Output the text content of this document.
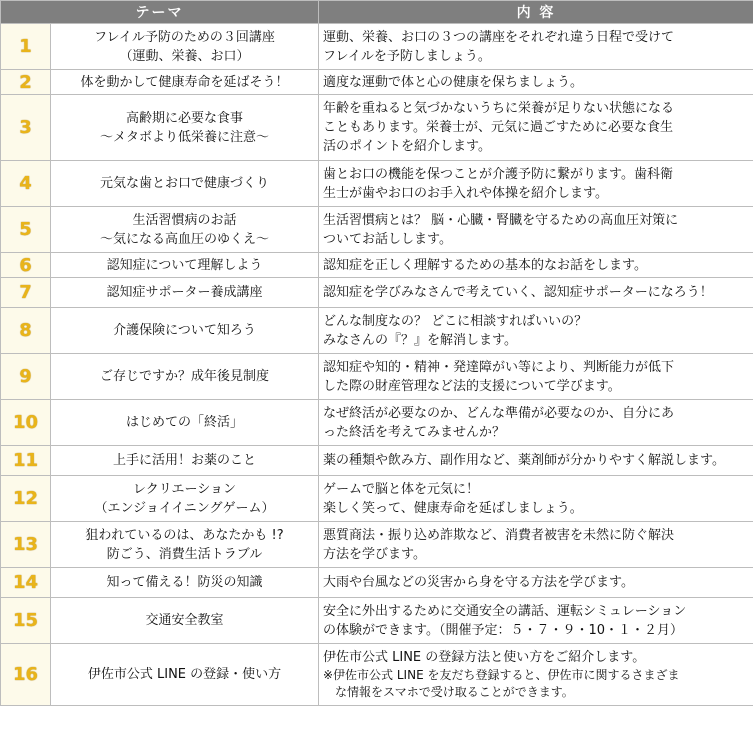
テーマ		内 容
1	フレイル予防のための３回講座
（運動、栄養、お口）	運動、栄養、お口の３つの講座をそれぞれ違う日程で受けて
フレイルを予防しましょう。

2	体を動かして健康寿命を延ばそう！	適度な運動で体と心の健康を保ちましょう。

3	高齢期に必要な食事
～メタボより低栄養に注意～	年齢を重ねると気づかないうちに栄養が足りない状態になる
こともあります。栄養士が、元気に過ごすために必要な食生
活のポイントを紹介します。

4	元気な歯とお口で健康づくり	歯とお口の機能を保つことが介護予防に繋がります。歯科衛
生士が歯やお口のお手入れや体操を紹介します。

5	生活習慣病のお話
～気になる高血圧のゆくえ～	生活習慣病とは？ 脳・心臓・腎臓を守るための高血圧対策に
ついてお話しします。

6	認知症について理解しよう	認知症を正しく理解するための基本的なお話をします。

7	認知症サポーター養成講座	認知症を学びみなさんで考えていく、認知症サポーターになろう！

8	介護保険について知ろう	どんな制度なの？ どこに相談すればいいの？
みなさんの『？』を解消します。

9	ご存じですか？成年後見制度	認知症や知的・精神・発達障がい等により、判断能力が低下
した際の財産管理など法的支援について学びます。

10	はじめての「終活」	なぜ終活が必要なのか、どんな準備が必要なのか、自分にあ
った終活を考えてみませんか？

11	上手に活用！お薬のこと	薬の種類や飲み方、副作用など、薬剤師が分かりやすく解説します。

12	レクリエーション
（エンジョイイニングゲーム）	ゲームで脳と体を元気に！
楽しく笑って、健康寿命を延ばしましょう。

13	狙われているのは、あなたかも !?
防ごう、消費生活トラブル	悪質商法・振り込め詐欺など、消費者被害を未然に防ぐ解決
方法を学びます。

14	知って備える！防災の知識	大雨や台風などの災害から身を守る方法を学びます。

15	交通安全教室	安全に外出するために交通安全の講話、運転シミュレーション
の体験ができます。（開催予定：５・７・９・10・１・２月）

16	伊佐市公式 LINE の登録・使い方	伊佐市公式 LINE の登録方法と使い方をご紹介します。
※伊佐市公式 LINE を友だち登録すると、伊佐市に関するさまざま
な情報をスマホで受け取ることができます。
